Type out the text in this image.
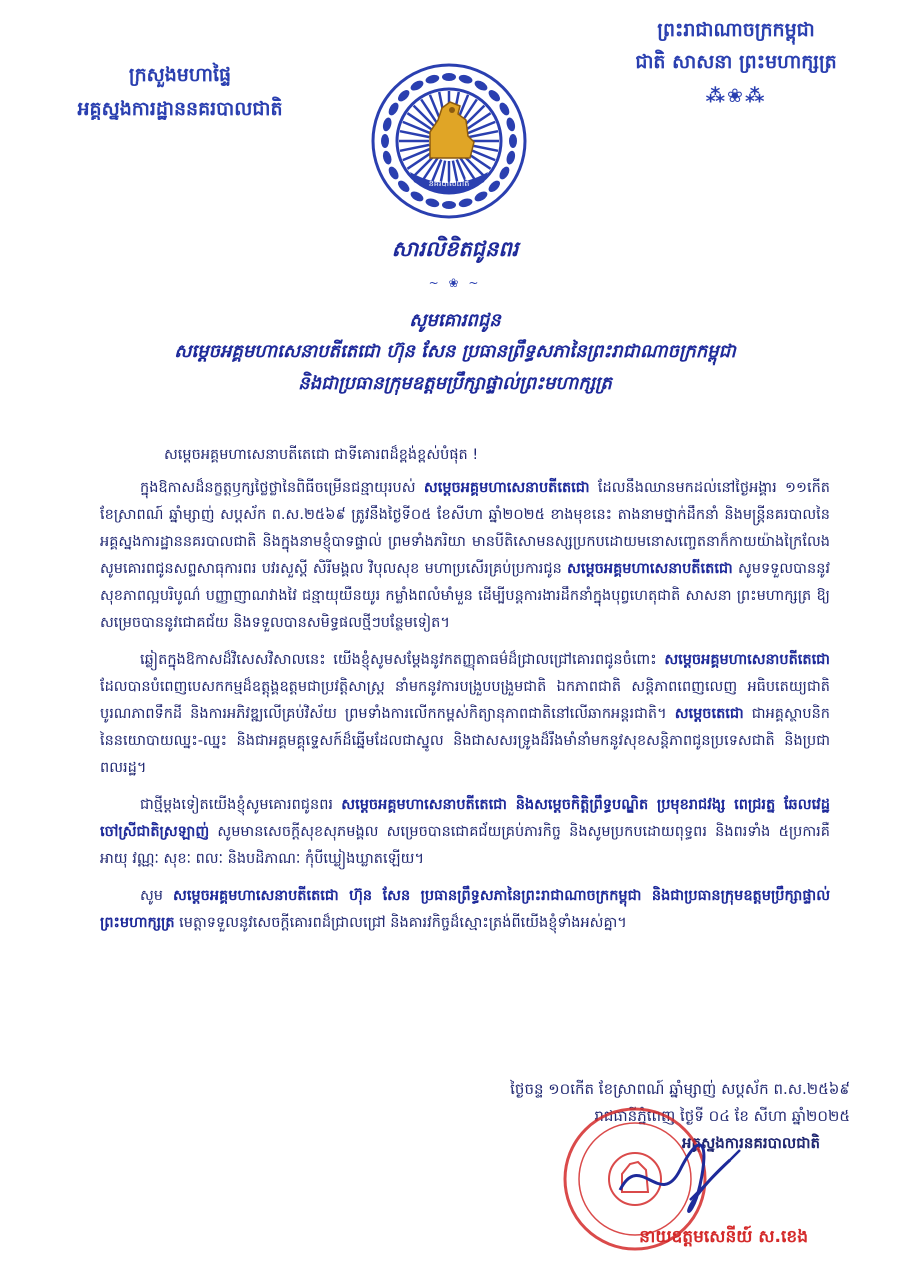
ក្រសួងមហាផ្ទៃ
អគ្គស្នងការដ្ឋាននគរបាលជាតិ
ព្រះរាជាណាចក្រកម្ពុជា
ជាតិ សាសនា ព្រះមហាក្សត្រ
⁂❀⁂
នគរបាលជាតិ
សារលិខិតជូនពរ
~ ❀ ~
សូមគោរពជូន
សម្តេចអគ្គមហាសេនាបតីតេជោ ហ៊ុន សែន ប្រធានព្រឹទ្ធសភានៃព្រះរាជាណាចក្រកម្ពុជា
និងជាប្រធានក្រុមឧត្តមប្រឹក្សាផ្ទាល់ព្រះមហាក្សត្រ

សម្តេចអគ្គមហាសេនាបតីតេជោ ជាទីគោរពដ៏ខ្ពង់ខ្ពស់បំផុត !

ក្នុងឱកាសដ៏នក្ខត្តឫក្សថ្លៃថ្លានៃពិធីចម្រើនជន្មាយុរបស់ សម្តេចអគ្គមហាសេនាបតីតេជោ ដែលនឹងឈានមកដល់នៅថ្ងៃអង្គារ ១១កើត ខែស្រាពណ៍ ឆ្នាំម្សាញ់ សប្តស័ក ព.ស.២៥៦៩ ត្រូវនឹងថ្ងៃទី០៥ ខែសីហា ឆ្នាំ២០២៥ ខាងមុខនេះ តាងនាមថ្នាក់ដឹកនាំ និងមន្ត្រីនគរបាលនៃអគ្គស្នងការដ្ឋាននគរបាលជាតិ និងក្នុងនាមខ្ញុំបាទផ្ទាល់ ព្រមទាំងភរិយា មានបីតិសោមនស្សប្រកបដោយមនោសញ្ចេតនាក៏កាយយ៉ាងក្រៃលែង សូមគោរពជូនសព្ទសាធុការពរ បវរសួស្តី សិរីមង្គល វិបុលសុខ មហាប្រសើរគ្រប់ប្រការជូន សម្តេចអគ្គមហាសេនាបតីតេជោ សូមទទួលបាននូវសុខភាពល្អបរិបូណ៌ បញ្ញាញាណវាងវៃ ជន្មាយុយឺនយូរ កម្លាំងពលំមាំមួន ដើម្បីបន្តការងារដឹកនាំក្នុងបុព្វហេតុជាតិ សាសនា ព្រះមហាក្សត្រ ឱ្យសម្រេចបាននូវជោគជ័យ និងទទួលបានសមិទ្ធផលថ្មីៗបន្ថែមទៀត។

ឆ្លៀតក្នុងឱកាសដ៏វិសេសវិសាលនេះ យើងខ្ញុំសូមសម្តែងនូវកតញ្ញុតាធម៌ដ៏ជ្រាលជ្រៅគោរពជូនចំពោះ សម្តេចអគ្គមហាសេនាបតីតេជោ ដែលបានបំពេញបេសកកម្មដ៏ឧត្តុង្គឧត្តមជាប្រវត្តិសាស្ត្រ នាំមកនូវការបង្រួបបង្រួមជាតិ ឯកភាពជាតិ សន្តិភាពពេញលេញ អធិបតេយ្យជាតិ បូរណភាពទឹកដី និងការអភិវឌ្ឍលើគ្រប់វិស័យ ព្រមទាំងការលើកកម្ពស់កិត្យានុភាពជាតិនៅលើឆាកអន្តរជាតិ។ សម្តេចតេជោ ជាអគ្គស្ថាបនិកនៃនយោបាយឈ្នះ-ឈ្នះ និងជាអគ្គមគ្គុទ្ទេសក៍ដ៏ឆ្នើមដែលជាស្នូល និងជាសសរទ្រូងដ៏រឹងមាំនាំមកនូវសុខសន្តិភាពជូនប្រទេសជាតិ និងប្រជាពលរដ្ឋ។

ជាថ្មីម្តងទៀតយើងខ្ញុំសូមគោរពជូនពរ សម្តេចអគ្គមហាសេនាបតីតេជោ និងសម្តេចកិត្តិព្រឹទ្ធបណ្ឌិត ប្រមុខរាជវង្ស ពេជ្ររត្ន ឆែលវេដ្ឋ ចៅស្រីជាតិស្រឡាញ់ សូមមានសេចក្តីសុខសុភមង្គល សម្រេចបានជោគជ័យគ្រប់ភារកិច្ច និងសូមប្រកបដោយពុទ្ធពរ និងពរទាំង ៥ប្រការគឺ អាយុ វណ្ណៈ សុខៈ ពលៈ និងបដិភាណៈ កុំបីឃ្លៀងឃ្លាតឡើយ។

សូម សម្តេចអគ្គមហាសេនាបតីតេជោ ហ៊ុន សែន ប្រធានព្រឹទ្ធសភានៃព្រះរាជាណាចក្រកម្ពុជា និងជាប្រធានក្រុមឧត្តមប្រឹក្សាផ្ទាល់ព្រះមហាក្សត្រ មេត្តាទទួលនូវសេចក្តីគោរពដ៏ជ្រាលជ្រៅ និងគារវកិច្ចដ៏ស្មោះត្រង់ពីយើងខ្ញុំទាំងអស់គ្នា។

ថ្ងៃចន្ទ ១០កើត ខែស្រាពណ៍ ឆ្នាំម្សាញ់ សប្តស័ក ព.ស.២៥៦៩
រាជធានីភ្នំពេញ ថ្ងៃទី ០៤ ខែ សីហា ឆ្នាំ២០២៥
អគ្គស្នងការនគរបាលជាតិ
នាយឧត្តមសេនីយ៍ ស.ខេង
